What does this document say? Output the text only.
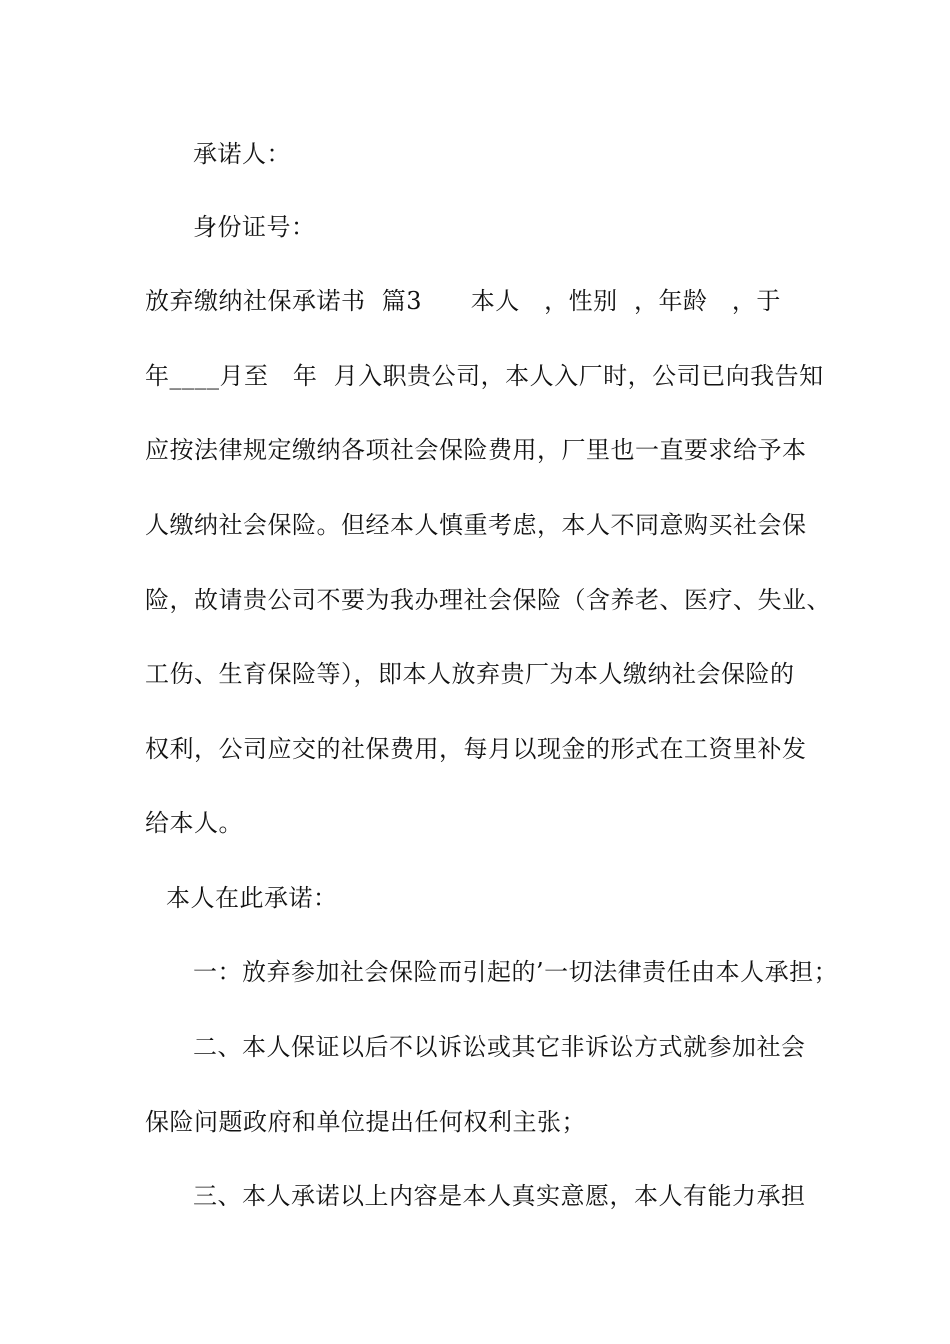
承诺人：
身份证号：
放弃缴纳社保承诺书  篇3      本人   ，性别  ，年龄   ，于
年____月至   年  月入职贵公司，本人入厂时，公司已向我告知
应按法律规定缴纳各项社会保险费用，厂里也一直要求给予本
人缴纳社会保险。但经本人慎重考虑，本人不同意购买社会保
险，故请贵公司不要为我办理社会保险（含养老、医疗、失业、
工伤、生育保险等），即本人放弃贵厂为本人缴纳社会保险的
权利，公司应交的社保费用，每月以现金的形式在工资里补发
给本人。
本人在此承诺：
一：放弃参加社会保险而引起的’一切法律责任由本人承担；
二、本人保证以后不以诉讼或其它非诉讼方式就参加社会
保险问题政府和单位提出任何权利主张；
三、本人承诺以上内容是本人真实意愿，本人有能力承担
